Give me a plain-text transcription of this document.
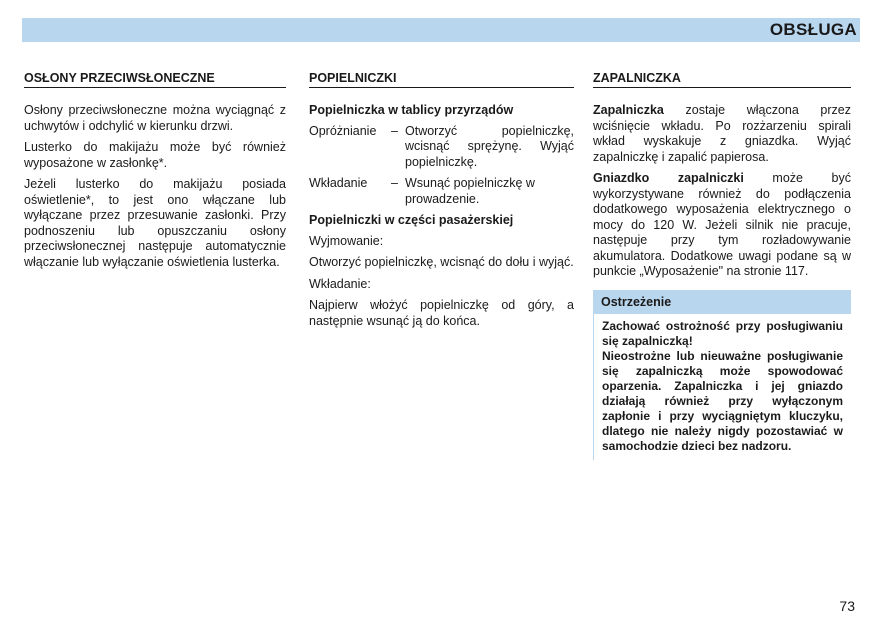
OBSŁUGA
OSŁONY PRZECIWSŁONECZNE

Osłony przeciwsłoneczne można wyciągnąć z uchwytów i odchylić w kierunku drzwi.

Lusterko do makijażu może być również wyposażone w zasłonkę*.

Jeżeli lusterko do makijażu posiada oświetlenie*, to jest ono włączane lub wyłączane przez przesuwanie zasłonki. Przy podnoszeniu lub opuszczaniu osłony przeciwsłonecznej następuje automatycznie włączanie lub wyłączanie oświetlenia lusterka.

POPIELNICZKI
Popielniczka w tablicy przyrządów
Opróżnianie	– Otworzyć popielniczkę, wcisnąć sprężynę. Wyjąć popielniczkę.
Wkładanie	– Wsunąć popielniczkę w prowadzenie.
Popielniczki w części pasażerskiej

Wyjmowanie:

Otworzyć popielniczkę, wcisnąć do dołu i wyjąć.

Wkładanie:

Najpierw włożyć popielniczkę od góry, a następnie wsunąć ją do końca.

ZAPALNICZKA

Zapalniczka zostaje włączona przez wciśnięcie wkładu. Po rozżarzeniu spirali wkład wyskakuje z gniazdka. Wyjąć zapalniczkę i zapalić papierosa.

Gniazdko zapalniczki może być wykorzystywane również do podłączenia dodatkowego wyposażenia elektrycznego o mocy do 120 W. Jeżeli silnik nie pracuje, następuje przy tym rozładowywanie akumulatora. Dodatkowe uwagi podane są w punkcie „Wyposażenie" na stronie 117.

Ostrzeżenie

Zachować ostrożność przy posługiwaniu się zapalniczką!

Nieostrożne lub nieuważne posługiwanie się zapalniczką może spowodować oparzenia. Zapalniczka i jej gniazdo działają również przy wyłączonym zapłonie i przy wyciągniętym kluczyku, dlatego nie należy nigdy pozostawiać w samochodzie dzieci bez nadzoru.

73
